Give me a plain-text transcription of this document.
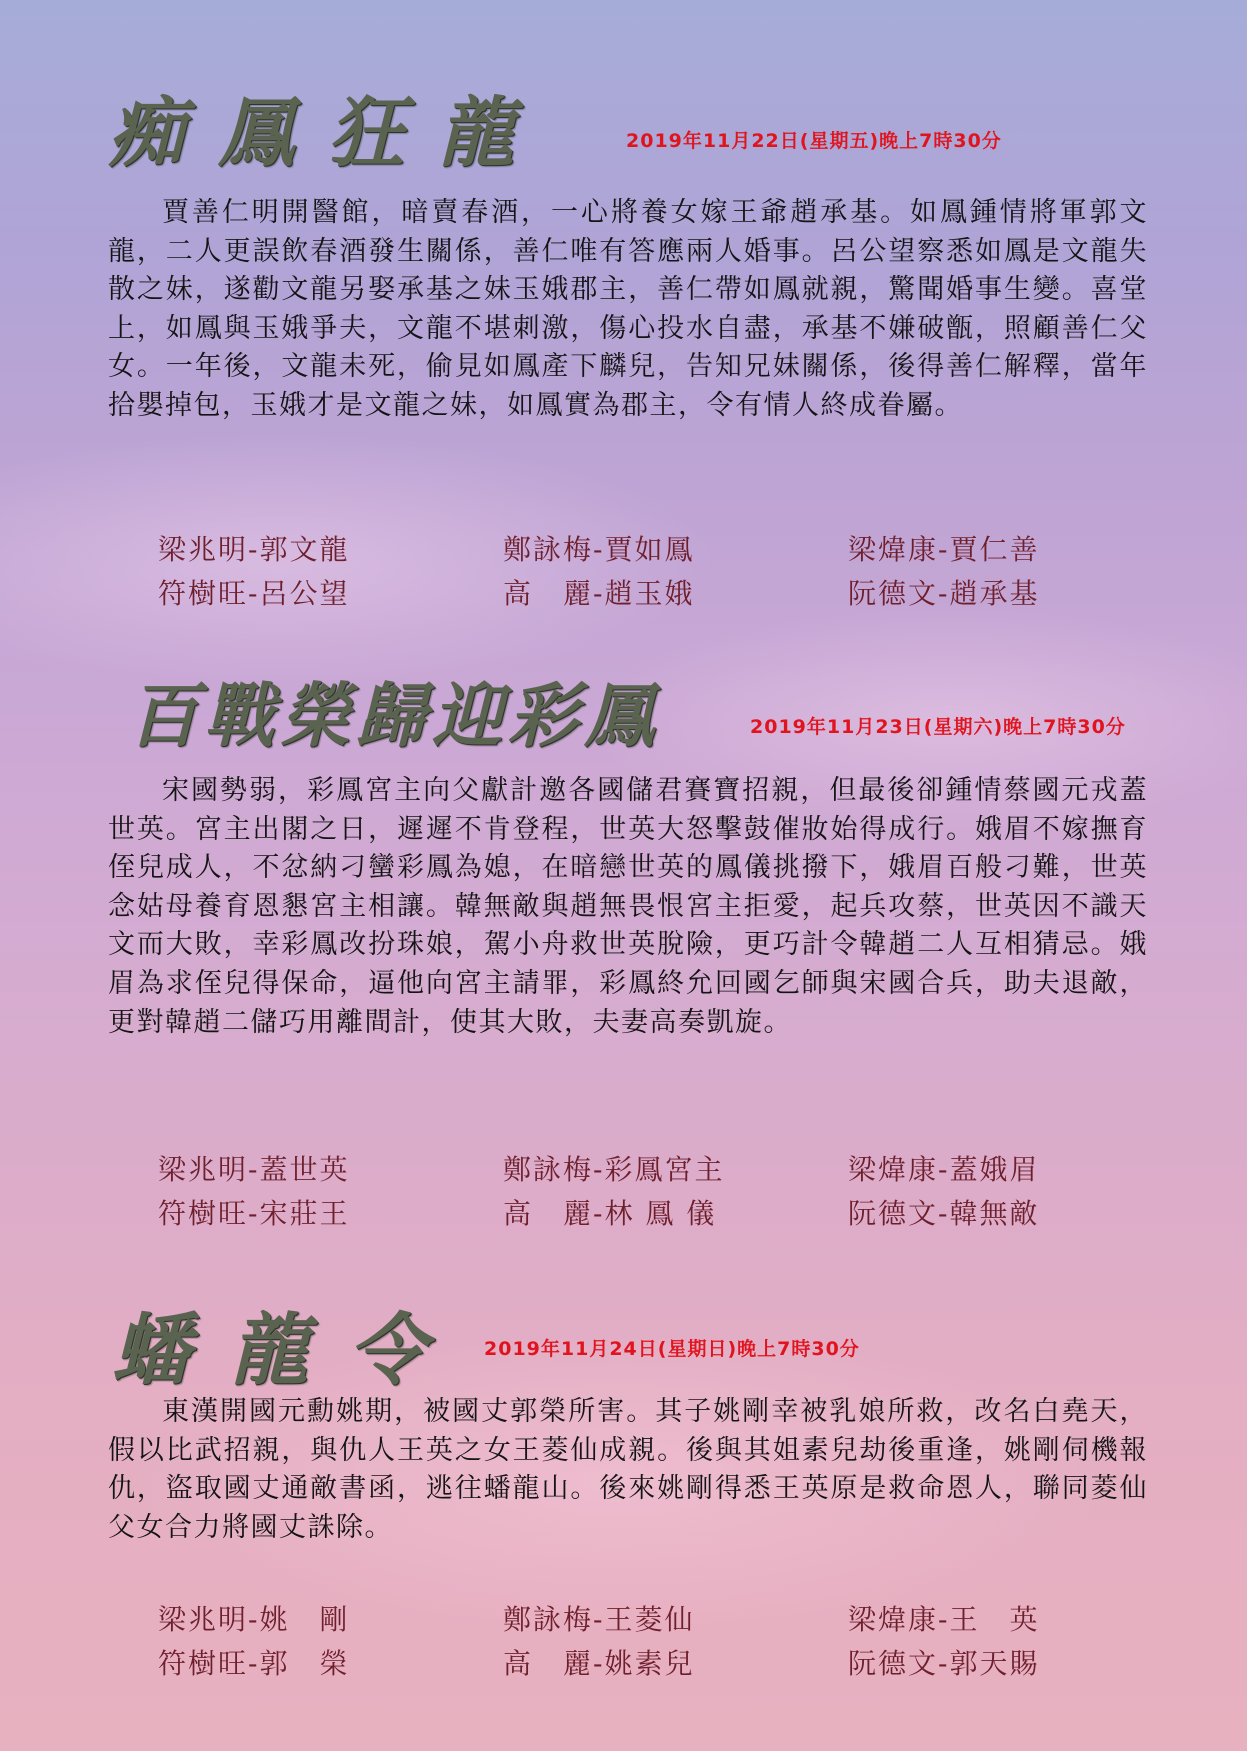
痴鳳狂龍	2019年11月22日(星期五)晚上7時30分

賈善仁明開醫館，暗賣春酒，一心將養女嫁王爺趙承基。如鳳鍾情將軍郭文龍，二人更誤飲春酒發生關係，善仁唯有答應兩人婚事。呂公望察悉如鳳是文龍失散之妹，遂勸文龍另娶承基之妹玉娥郡主，善仁帶如鳳就親，驚聞婚事生變。喜堂上，如鳳與玉娥爭夫，文龍不堪刺激，傷心投水自盡，承基不嫌破甑，照顧善仁父女。一年後，文龍未死，偷見如鳳產下麟兒，告知兄妹關係，後得善仁解釋，當年拾嬰掉包，玉娥才是文龍之妹，如鳳實為郡主，令有情人終成眷屬。

梁兆明-郭文龍	鄭詠梅-賈如鳳	梁煒康-賈仁善
符樹旺-呂公望	高　麗-趙玉娥	阮德文-趙承基
百戰榮歸迎彩鳳	2019年11月23日(星期六)晚上7時30分

宋國勢弱，彩鳳宮主向父獻計邀各國儲君賽寶招親，但最後卻鍾情蔡國元戎蓋世英。宮主出閣之日，遲遲不肯登程，世英大怒擊鼓催妝始得成行。娥眉不嫁撫育侄兒成人，不忿納刁蠻彩鳳為媳，在暗戀世英的鳳儀挑撥下，娥眉百般刁難，世英念姑母養育恩懇宮主相讓。韓無敵與趙無畏恨宮主拒愛，起兵攻蔡，世英因不識天文而大敗，幸彩鳳改扮珠娘，駕小舟救世英脫險，更巧計令韓趙二人互相猜忌。娥眉為求侄兒得保命，逼他向宮主請罪，彩鳳終允回國乞師與宋國合兵，助夫退敵，更對韓趙二儲巧用離間計，使其大敗，夫妻高奏凱旋。

梁兆明-蓋世英	鄭詠梅-彩鳳宮主	梁煒康-蓋娥眉
符樹旺-宋莊王	高　麗-林 鳳 儀	阮德文-韓無敵
蟠龍令 2019年11月24日(星期日)晚上7時30分

東漢開國元勳姚期，被國丈郭榮所害。其子姚剛幸被乳娘所救，改名白堯天，假以比武招親，與仇人王英之女王菱仙成親。後與其姐素兒劫後重逢，姚剛伺機報仇，盜取國丈通敵書函，逃往蟠龍山。後來姚剛得悉王英原是救命恩人，聯同菱仙父女合力將國丈誅除。

梁兆明-姚　剛	鄭詠梅-王菱仙	梁煒康-王　英
符樹旺-郭　榮	高　麗-姚素兒	阮德文-郭天賜
